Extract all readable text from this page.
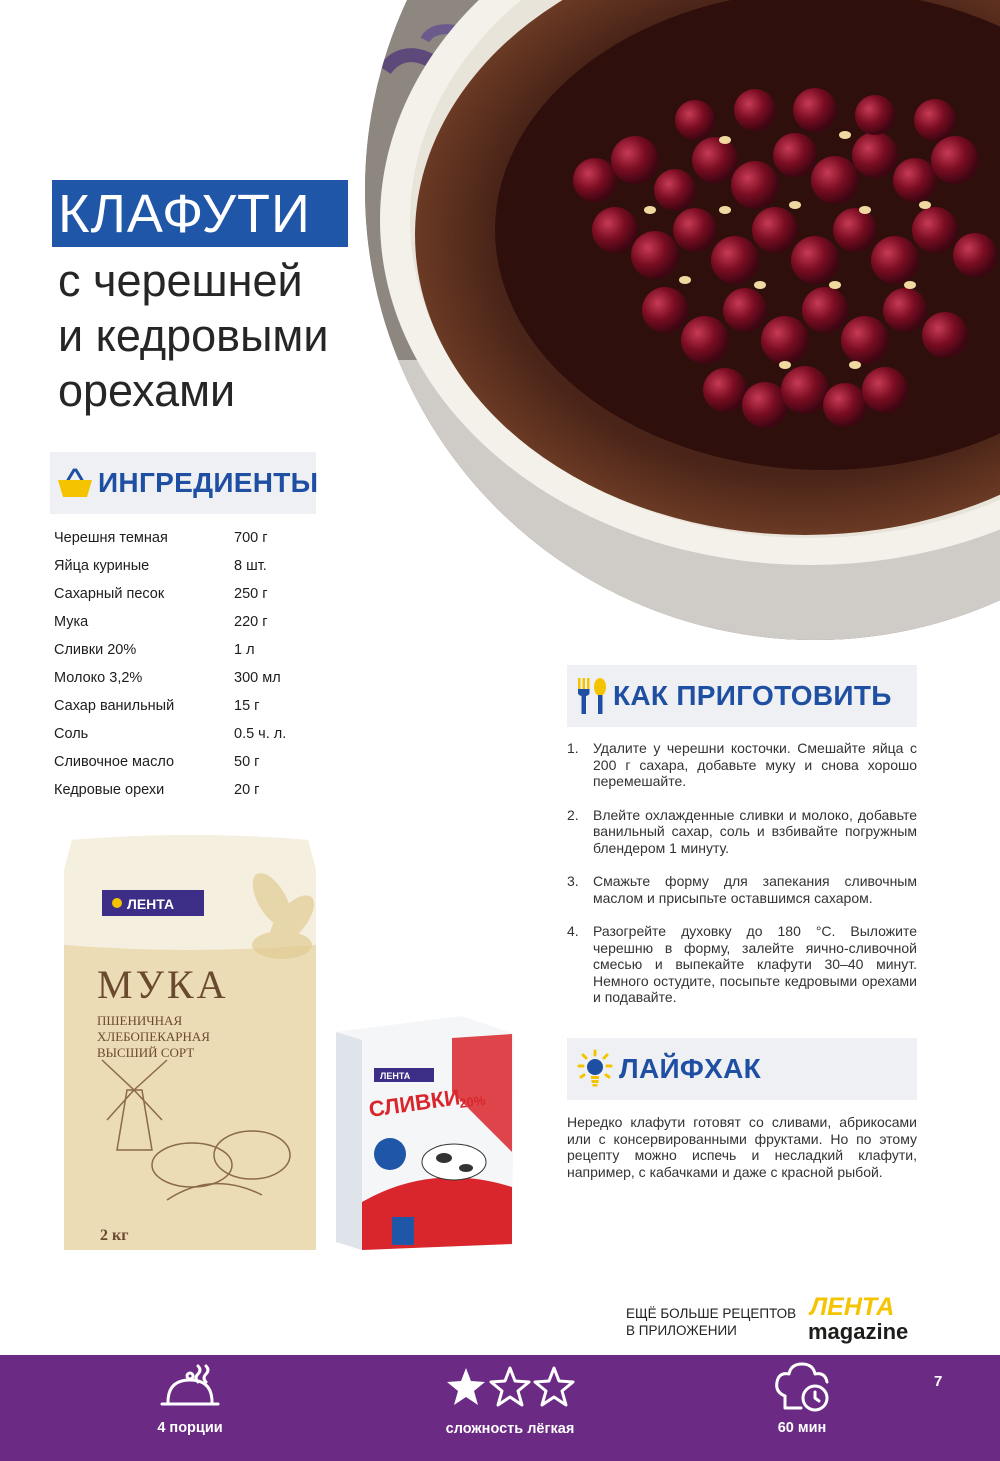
КЛАФУТИ
с черешней
и кедровыми
орехами
ИНГРЕДИЕНТЫ
Черешня темная	700 г
Яйца куриные	8 шт.
Сахарный песок	250 г
Мука	220 г
Сливки 20%	1 л
Молоко 3,2%	300 мл
Сахар ванильный	15 г
Соль	0.5 ч. л.
Сливочное масло	50 г
Кедровые орехи	20 г
КАК ПРИГОТОВИТЬ
1.	Удалите у черешни косточки. Смешайте яйца с 200 г сахара, добавьте муку и снова хорошо перемешайте.
2.	Влейте охлажденные сливки и молоко, добавьте ванильный сахар, соль и взбивайте погружным блендером 1 минуту.
3.	Смажьте форму для запекания сливочным маслом и присыпьте оставшимся сахаром.
4.	Разогрейте духовку до 180 °С. Выложите черешню в форму, залейте яично-сливочной смесью и выпекайте клафути 30–40 минут. Немного остудите, посыпьте кедровыми орехами и подавайте.
ЛАЙФХАК
Нередко клафути готовят со сливами, абрикосами или с консервированными фруктами. Но по этому рецепту можно испечь и несладкий клафути, например, с кабачками и даже с красной рыбой.
ЛЕНТА
МУКА
ПШЕНИЧНАЯ
ХЛЕБОПЕКАРНАЯ
ВЫСШИЙ СОРТ
2 кг
ЛЕНТА
СЛИВКИ
20%
ЕЩЁ БОЛЬШЕ РЕЦЕПТОВ
В ПРИЛОЖЕНИИ
ЛЕНТА
magazine
4 порции	сложность лёгкая	60 мин
7
